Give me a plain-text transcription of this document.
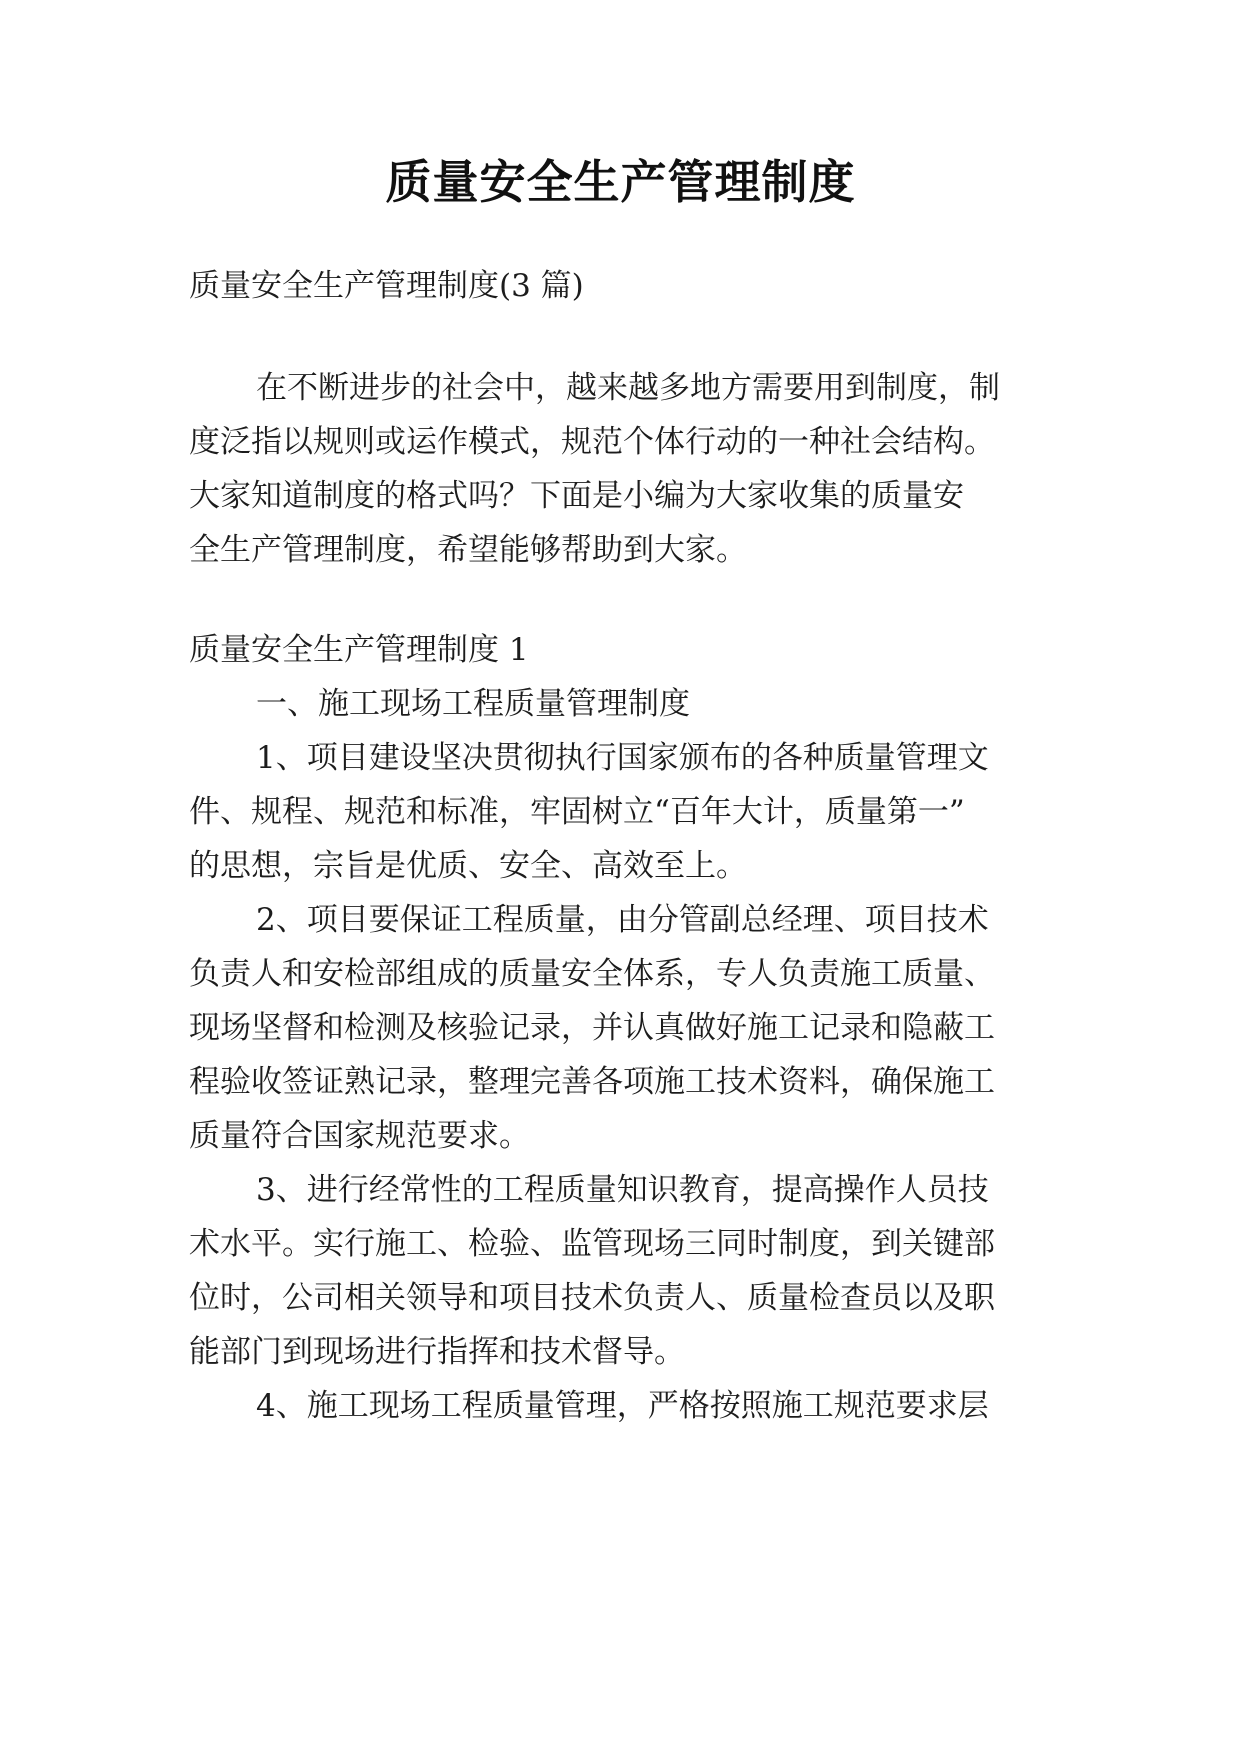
质量安全生产管理制度

质量安全生产管理制度(3 篇)

在不断进步的社会中，越来越多地方需要用到制度，制

度泛指以规则或运作模式，规范个体行动的一种社会结构。

大家知道制度的格式吗？下面是小编为大家收集的质量安

全生产管理制度，希望能够帮助到大家。

质量安全生产管理制度 1

一、施工现场工程质量管理制度

1、项目建设坚决贯彻执行国家颁布的各种质量管理文

件、规程、规范和标准，牢固树立“百年大计，质量第一”

的思想，宗旨是优质、安全、高效至上。

2、项目要保证工程质量，由分管副总经理、项目技术

负责人和安检部组成的质量安全体系，专人负责施工质量、

现场坚督和检测及核验记录，并认真做好施工记录和隐蔽工

程验收签证熟记录，整理完善各项施工技术资料，确保施工

质量符合国家规范要求。

3、进行经常性的工程质量知识教育，提高操作人员技

术水平。实行施工、检验、监管现场三同时制度，到关键部

位时，公司相关领导和项目技术负责人、质量检查员以及职

能部门到现场进行指挥和技术督导。

4、施工现场工程质量管理，严格按照施工规范要求层
